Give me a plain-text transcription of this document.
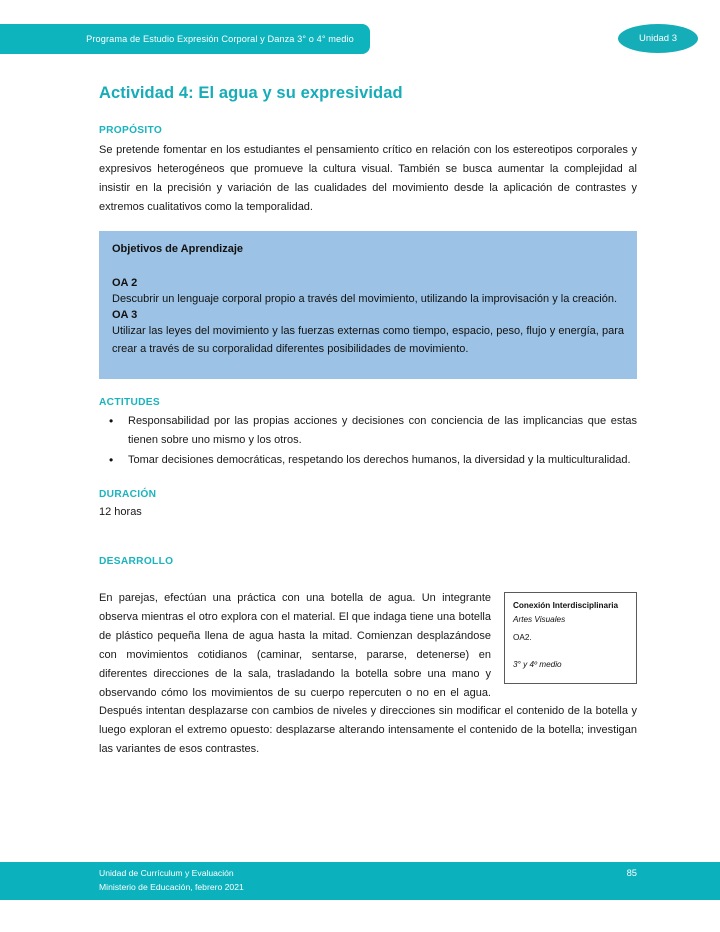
Programa de Estudio Expresión Corporal y Danza 3° o 4° medio	Unidad 3
Actividad 4: El agua y su expresividad
PROPÓSITO

Se pretende fomentar en los estudiantes el pensamiento crítico en relación con los estereotipos corporales y expresivos heterogéneos que promueve la cultura visual. También se busca aumentar la complejidad al insistir en la precisión y variación de las cualidades del movimiento desde la aplicación de contrastes y extremos cualitativos como la temporalidad.

Objetivos de Aprendizaje
OA 2
Descubrir un lenguaje corporal propio a través del movimiento, utilizando la improvisación y la creación.
OA 3
Utilizar las leyes del movimiento y las fuerzas externas como tiempo, espacio, peso, flujo y energía, para crear a través de su corporalidad diferentes posibilidades de movimiento.
ACTITUDES
• Responsabilidad por las propias acciones y decisiones con conciencia de las implicancias que estas tienen sobre uno mismo y los otros.
• Tomar decisiones democráticas, respetando los derechos humanos, la diversidad y la multiculturalidad.
DURACIÓN

12 horas

DESARROLLO
Conexión Interdisciplinaria
Artes Visuales
OA2.
3° y 4º medio

En parejas, efectúan una práctica con una botella de agua. Un integrante observa mientras el otro explora con el material. El que indaga tiene una botella de plástico pequeña llena de agua hasta la mitad. Comienzan desplazándose con movimientos cotidianos (caminar, sentarse, pararse, detenerse) en diferentes direcciones de la sala, trasladando la botella sobre una mano y observando cómo los movimientos de su cuerpo repercuten o no en el agua. Después intentan desplazarse con cambios de niveles y direcciones sin modificar el contenido de la botella y luego exploran el extremo opuesto: desplazarse alterando intensamente el contenido de la botella; investigan las variantes de esos contrastes.

Unidad de Currículum y Evaluación
Ministerio de Educación, febrero 2021
85
